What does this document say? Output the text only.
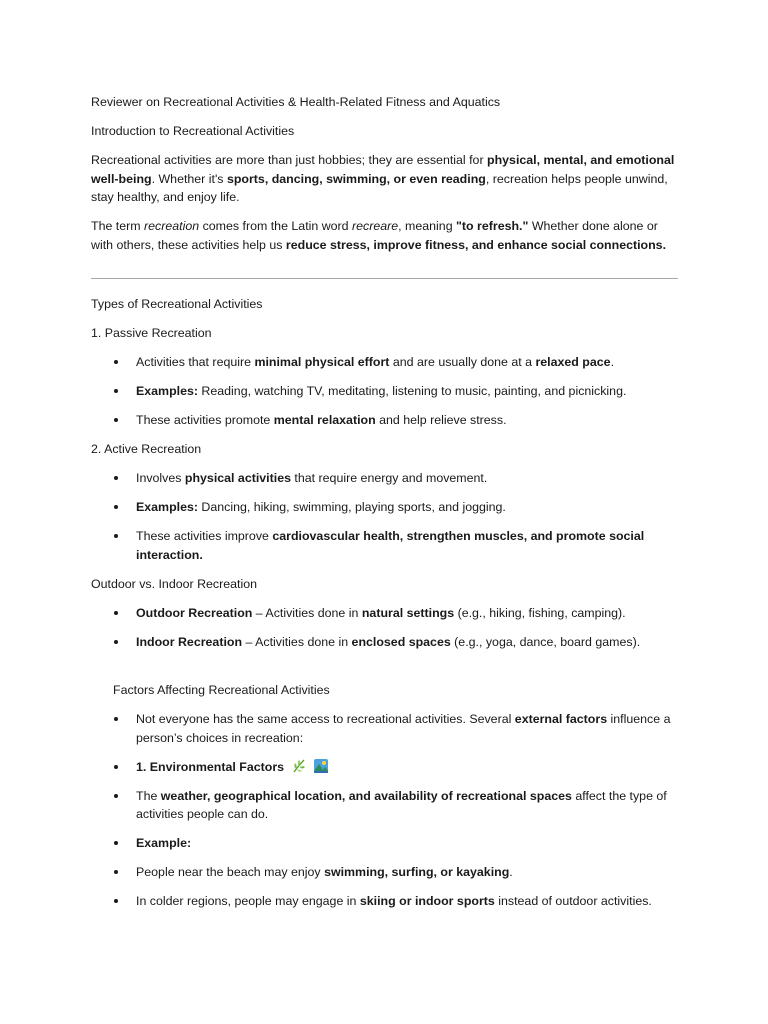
Reviewer on Recreational Activities & Health-Related Fitness and Aquatics

Introduction to Recreational Activities

Recreational activities are more than just hobbies; they are essential for physical, mental, and emotional well-being. Whether it's sports, dancing, swimming, or even reading, recreation helps people unwind, stay healthy, and enjoy life.

The term recreation comes from the Latin word recreare, meaning "to refresh." Whether done alone or with others, these activities help us reduce stress, improve fitness, and enhance social connections.

Types of Recreational Activities

1. Passive Recreation

Activities that require minimal physical effort and are usually done at a relaxed pace.
Examples: Reading, watching TV, meditating, listening to music, painting, and picnicking.
These activities promote mental relaxation and help relieve stress.

2. Active Recreation

Involves physical activities that require energy and movement.
Examples: Dancing, hiking, swimming, playing sports, and jogging.
These activities improve cardiovascular health, strengthen muscles, and promote social interaction.

Outdoor vs. Indoor Recreation

Outdoor Recreation – Activities done in natural settings (e.g., hiking, fishing, camping).
Indoor Recreation – Activities done in enclosed spaces (e.g., yoga, dance, board games).

Factors Affecting Recreational Activities

Not everyone has the same access to recreational activities. Several external factors influence a person’s choices in recreation:
1. Environmental Factors
The weather, geographical location, and availability of recreational spaces affect the type of activities people can do.
Example:
People near the beach may enjoy swimming, surfing, or kayaking.
In colder regions, people may engage in skiing or indoor sports instead of outdoor activities.
